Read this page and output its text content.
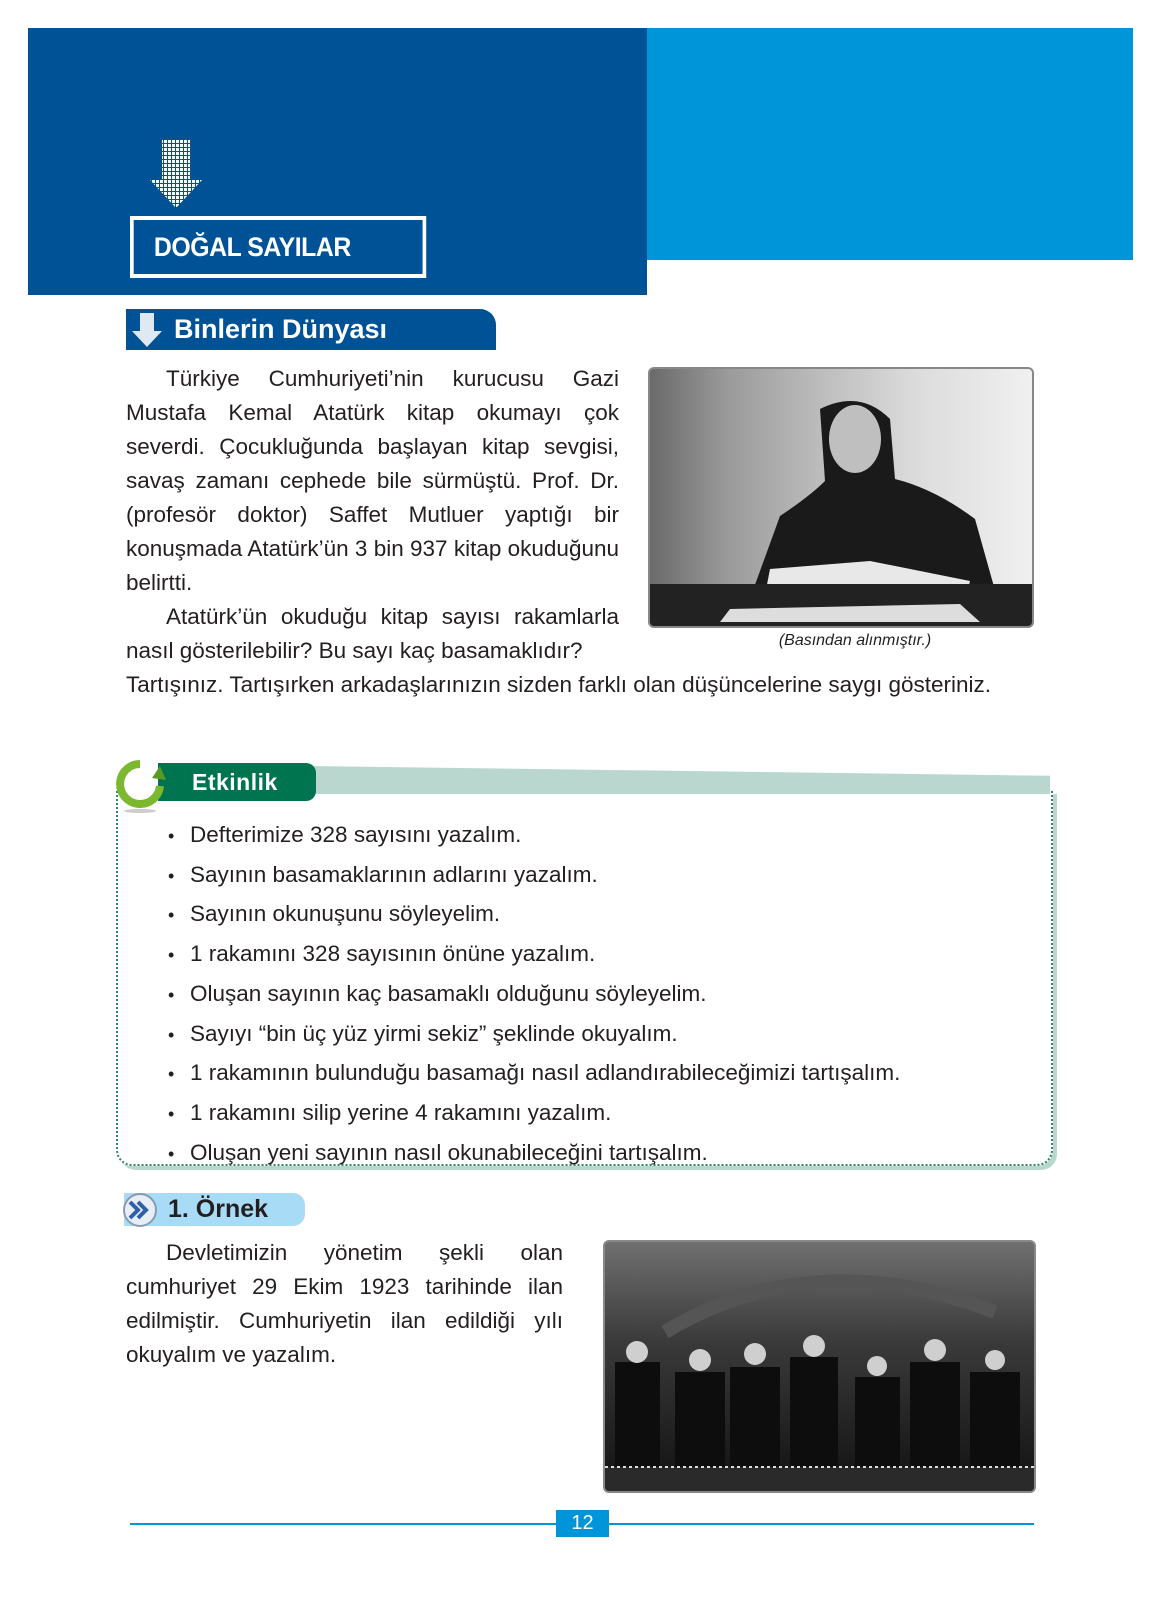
DOĞAL SAYILAR
Binlerin Dünyası
Türkiye Cumhuriyeti’nin kurucusu Gazi Mustafa Kemal Atatürk kitap okumayı çok severdi. Çocukluğunda başlayan kitap sevgisi, savaş zamanı cephede bile sürmüştü. Prof. Dr. (profesör doktor) Saffet Mutluer yaptığı bir konuşmada Atatürk’ün 3 bin 937 kitap okuduğunu belirtti.
Atatürk’ün okuduğu kitap sayısı rakamlarla nasıl gösterilebilir? Bu sayı kaç basamaklıdır?
Tartışınız. Tartışırken arkadaşlarınızın sizden farklı olan düşüncelerine saygı gösteriniz.
(Basından alınmıştır.)
Etkinlik
• Defterimize 328 sayısını yazalım.
• Sayının basamaklarının adlarını yazalım.
• Sayının okunuşunu söyleyelim.
• 1 rakamını 328 sayısının önüne yazalım.
• Oluşan sayının kaç basamaklı olduğunu söyleyelim.
• Sayıyı “bin üç yüz yirmi sekiz” şeklinde okuyalım.
• 1 rakamının bulunduğu basamağı nasıl adlandırabileceğimizi tartışalım.
• 1 rakamını silip yerine 4 rakamını yazalım.
• Oluşan yeni sayının nasıl okunabileceğini tartışalım.
1. Örnek
Devletimizin yönetim şekli olan cumhuriyet 29 Ekim 1923 tarihinde ilan edilmiştir. Cumhuriyetin ilan edildiği yılı okuyalım ve yazalım.
12
